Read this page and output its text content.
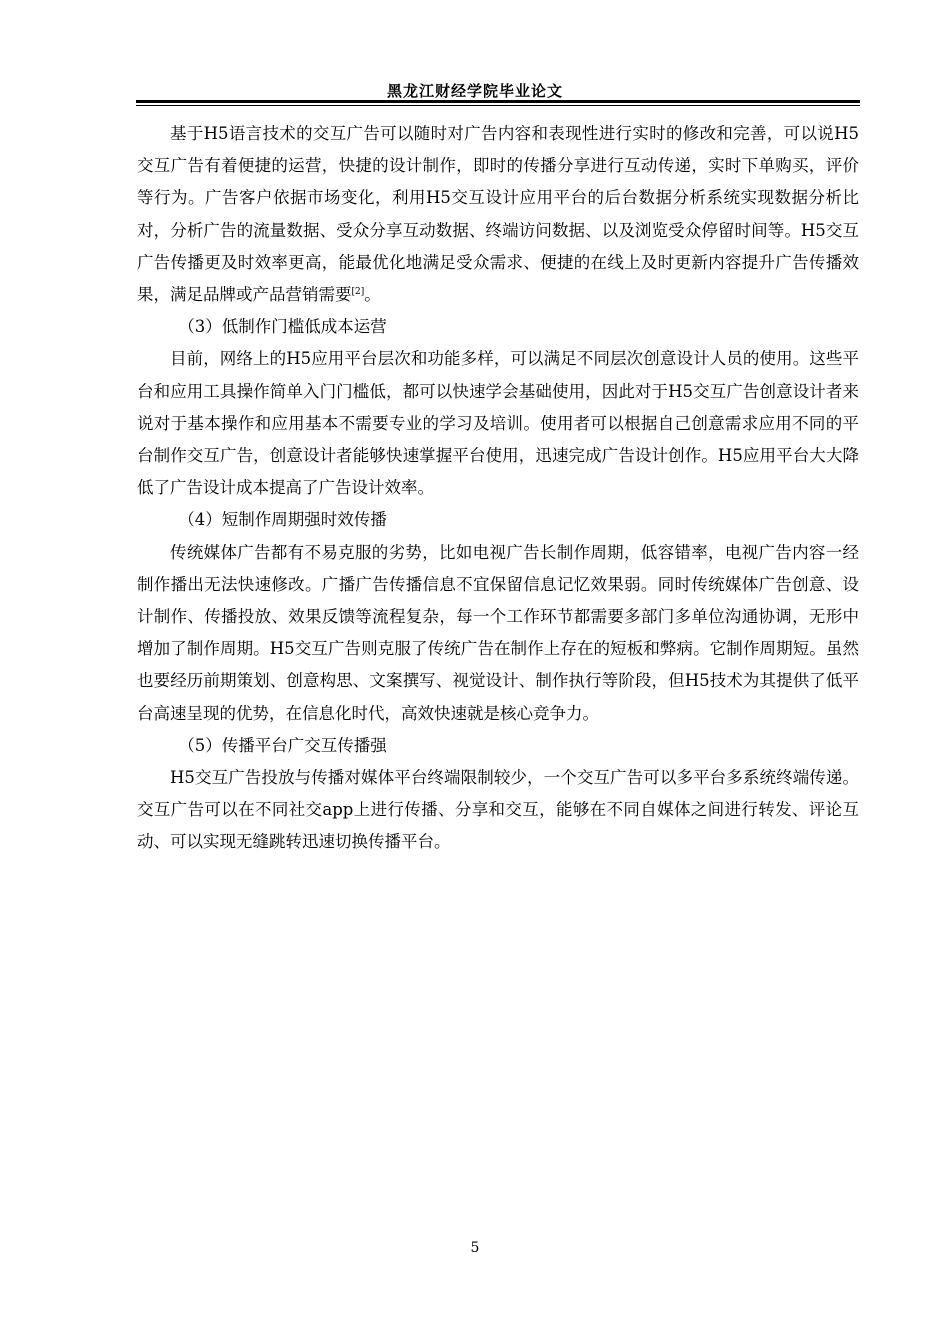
黑龙江财经学院毕业论文

基于H5语言技术的交互广告可以随时对广告内容和表现性进行实时的修改和完善，可以说H5交互广告有着便捷的运营，快捷的设计制作，即时的传播分享进行互动传递，实时下单购买，评价等行为。广告客户依据市场变化，利用H5交互设计应用平台的后台数据分析系统实现数据分析比对，分析广告的流量数据、受众分享互动数据、终端访问数据、以及浏览受众停留时间等。H5交互广告传播更及时效率更高，能最优化地满足受众需求、便捷的在线上及时更新内容提升广告传播效果，满足品牌或产品营销需要[2]。

（3）低制作门槛低成本运营

目前，网络上的H5应用平台层次和功能多样，可以满足不同层次创意设计人员的使用。这些平台和应用工具操作简单入门门槛低，都可以快速学会基础使用，因此对于H5交互广告创意设计者来说对于基本操作和应用基本不需要专业的学习及培训。使用者可以根据自己创意需求应用不同的平台制作交互广告，创意设计者能够快速掌握平台使用，迅速完成广告设计创作。H5应用平台大大降低了广告设计成本提高了广告设计效率。

（4）短制作周期强时效传播

传统媒体广告都有不易克服的劣势，比如电视广告长制作周期，低容错率，电视广告内容一经制作播出无法快速修改。广播广告传播信息不宜保留信息记忆效果弱。同时传统媒体广告创意、设计制作、传播投放、效果反馈等流程复杂，每一个工作环节都需要多部门多单位沟通协调，无形中增加了制作周期。H5交互广告则克服了传统广告在制作上存在的短板和弊病。它制作周期短。虽然也要经历前期策划、创意构思、文案撰写、视觉设计、制作执行等阶段，但H5技术为其提供了低平台高速呈现的优势，在信息化时代，高效快速就是核心竞争力。

（5）传播平台广交互传播强

H5交互广告投放与传播对媒体平台终端限制较少，一个交互广告可以多平台多系统终端传递。交互广告可以在不同社交app上进行传播、分享和交互，能够在不同自媒体之间进行转发、评论互动、可以实现无缝跳转迅速切换传播平台。

5
